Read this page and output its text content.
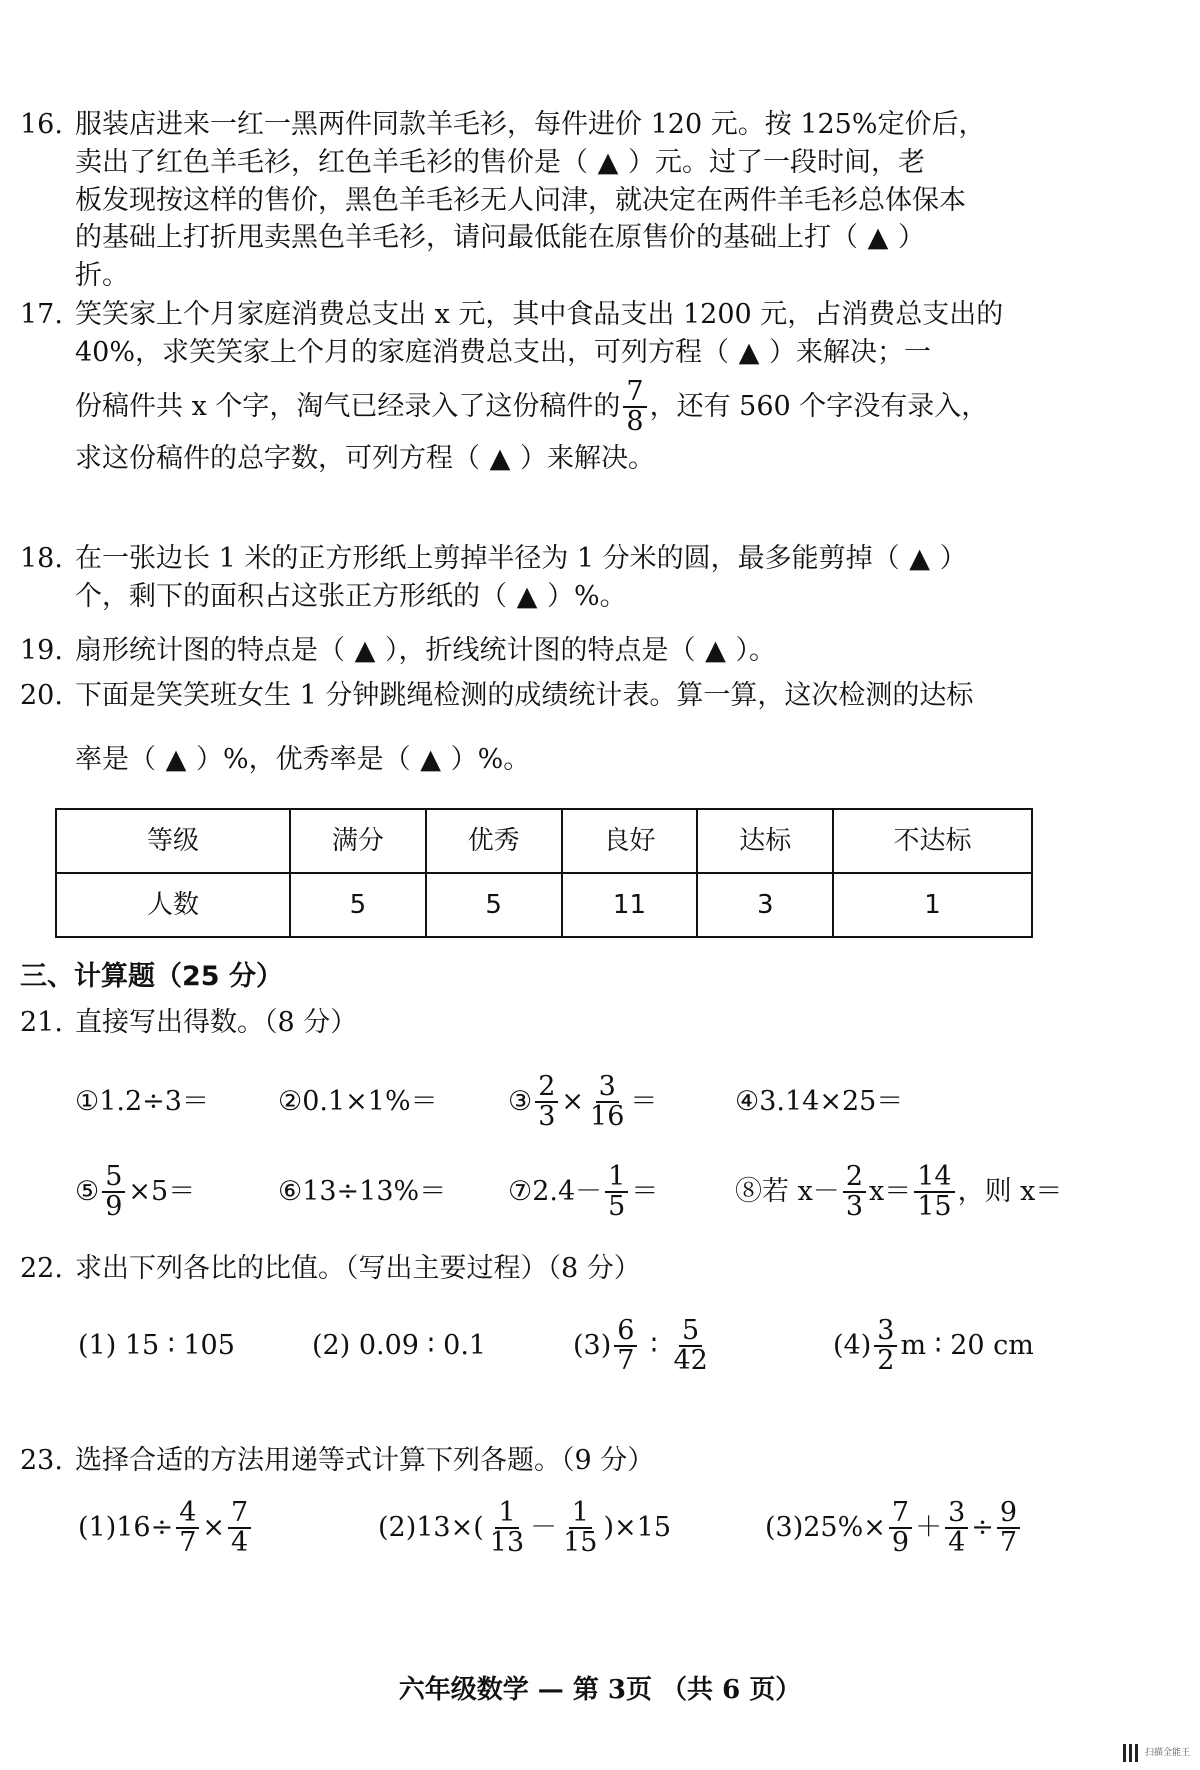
16. 服装店进来一红一黑两件同款羊毛衫，每件进价 120 元。按 125%定价后，
卖出了红色羊毛衫，红色羊毛衫的售价是（ ▲ ）元。过了一段时间，老
板发现按这样的售价，黑色羊毛衫无人问津，就决定在两件羊毛衫总体保本
的基础上打折甩卖黑色羊毛衫，请问最低能在原售价的基础上打（ ▲ ）
折。
17. 笑笑家上个月家庭消费总支出 x 元，其中食品支出 1200 元，占消费总支出的
40%，求笑笑家上个月的家庭消费总支出，可列方程（ ▲ ）来解决；一
份稿件共 x 个字，淘气已经录入了这份稿件的 $\frac{7}{8}$ ，还有 560 个字没有录入，
求这份稿件的总字数，可列方程（ ▲ ）来解决。
18. 在一张边长 1 米的正方形纸上剪掉半径为 1 分米的圆，最多能剪掉（ ▲ ）
个，剩下的面积占这张正方形纸的（ ▲ ）%。
19. 扇形统计图的特点是（ ▲ ），折线统计图的特点是（ ▲ ）。
20. 下面是笑笑班女生 1 分钟跳绳检测的成绩统计表。算一算，这次检测的达标
率是（ ▲ ）%，优秀率是（ ▲ ）%。
等级	满分	优秀	良好	达标	不达标
人数	5	5	11	3	1
三、计算题（25 分）
21. 直接写出得数。（8 分）
①1.2÷3＝	②0.1×1%＝	③ $\frac{2}{3} \times \frac{3}{16}$ ＝	④3.14×25＝
⑤ $\frac{5}{9} \times 5=$	⑥13÷13%＝ ⑦2.4－ $\frac{1}{5}$ ＝	⑧若 $x- \frac{2}{3} x= \frac{14}{15}$ ，则 x＝
22. 求出下列各比的比值。（写出主要过程）（8 分）
(1) 15 ∶ 105	(2) 0.09 ∶ 0.1	$(3) \frac{6}{7}$ ∶ $\frac{5}{42}$	$(4) \frac{3}{2}$ m ∶ 20 cm
23. 选择合适的方法用递等式计算下列各题。（9 分）
$(1)16\div \frac{4}{7} \times \frac{7}{4}$	$(2)13\times( \frac{1}{13} - \frac{1}{15} )\times 15$	$(3)25\%\times \frac{7}{9} + \frac{3}{4} \div \frac{9}{7}$
六年级数学 — 第 3页 （共 6 页）
扫描全能王
